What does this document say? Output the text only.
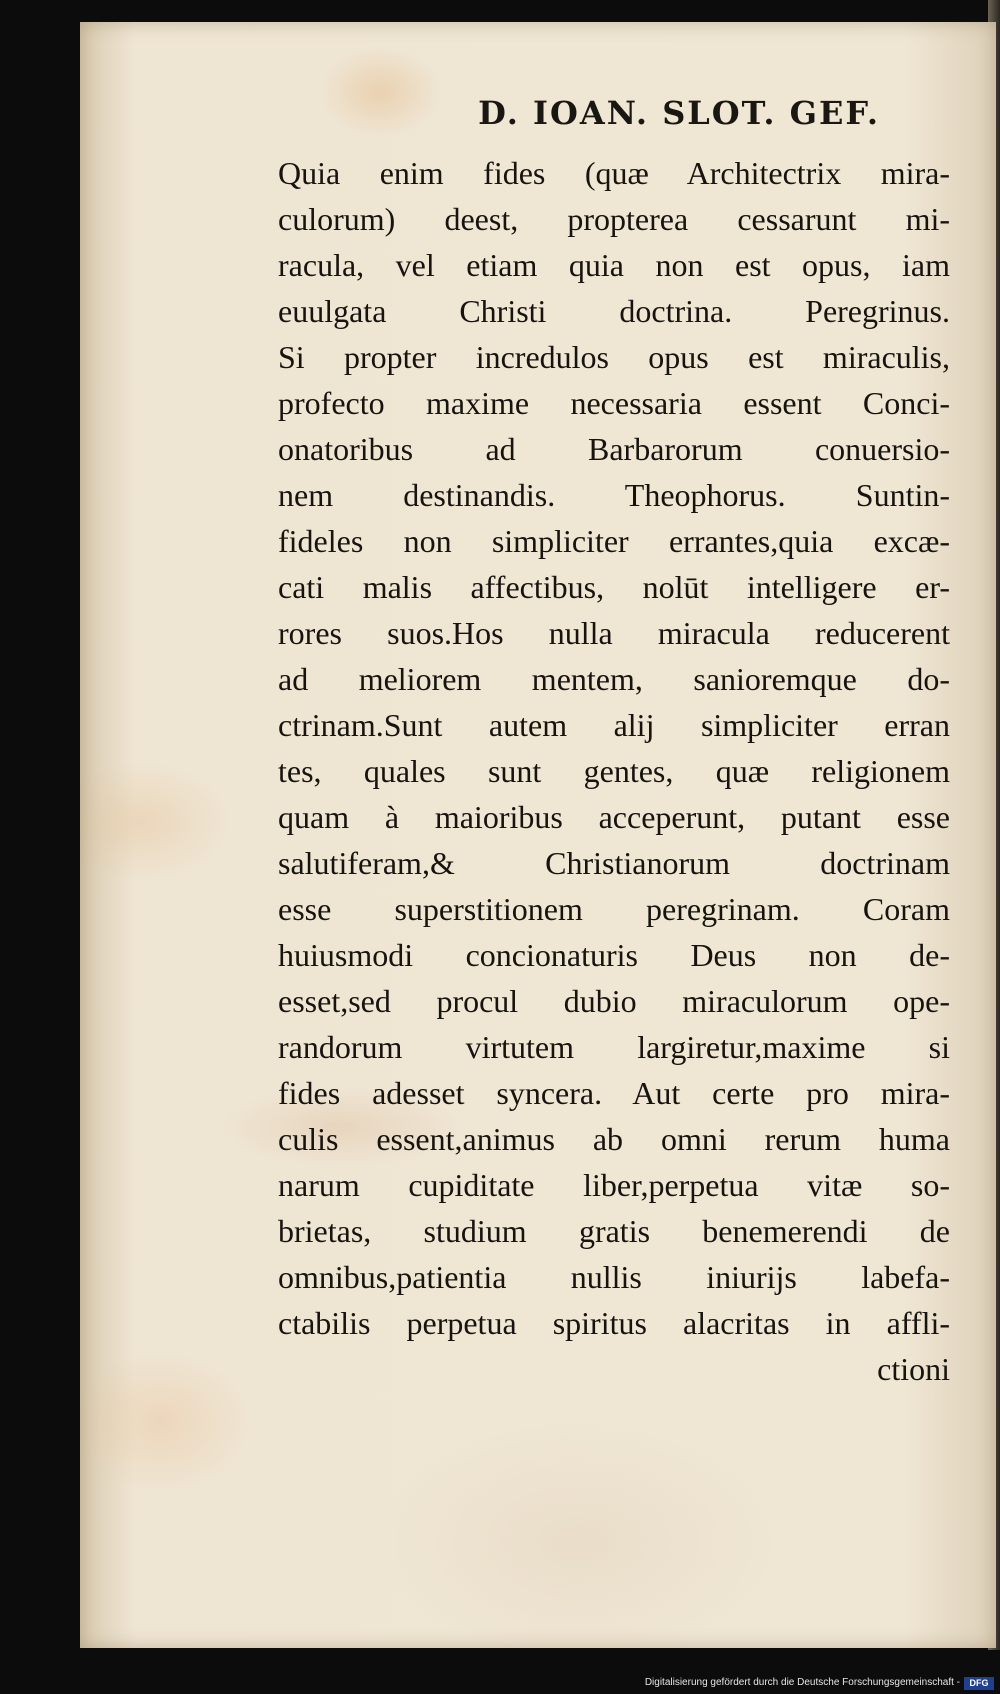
D. IOAN. SLOT. GEF.
Quia enim fides (quæ Architectrix mira-
culorum) deest, propterea cessarunt mi-
racula, vel etiam quia non est opus, iam
euulgata Christi doctrina. Peregrinus.
Si propter incredulos opus est miraculis,
profecto maxime necessaria essent Conci-
onatoribus ad Barbarorum conuersio-
nem destinandis. Theophorus. Suntin-
fideles non simpliciter errantes,quia excæ-
cati malis affectibus, nolūt intelligere er-
rores suos.Hos nulla miracula reducerent
ad meliorem mentem, sanioremque do-
ctrinam.Sunt autem alij simpliciter erran
tes, quales sunt gentes, quæ religionem
quam à maioribus acceperunt, putant esse
salutiferam,& Christianorum doctrinam
esse superstitionem peregrinam. Coram
huiusmodi concionaturis Deus non de-
esset,sed procul dubio miraculorum ope-
randorum virtutem largiretur,maxime si
fides adesset syncera. Aut certe pro mira-
culis essent,animus ab omni rerum huma
narum cupiditate liber,perpetua vitæ so-
brietas, studium gratis benemerendi de
omnibus,patientia nullis iniurijs labefa-
ctabilis perpetua spiritus alacritas in affli-
ctioni
Digitalisierung gefördert durch die Deutsche Forschungsgemeinschaft -	DFG
